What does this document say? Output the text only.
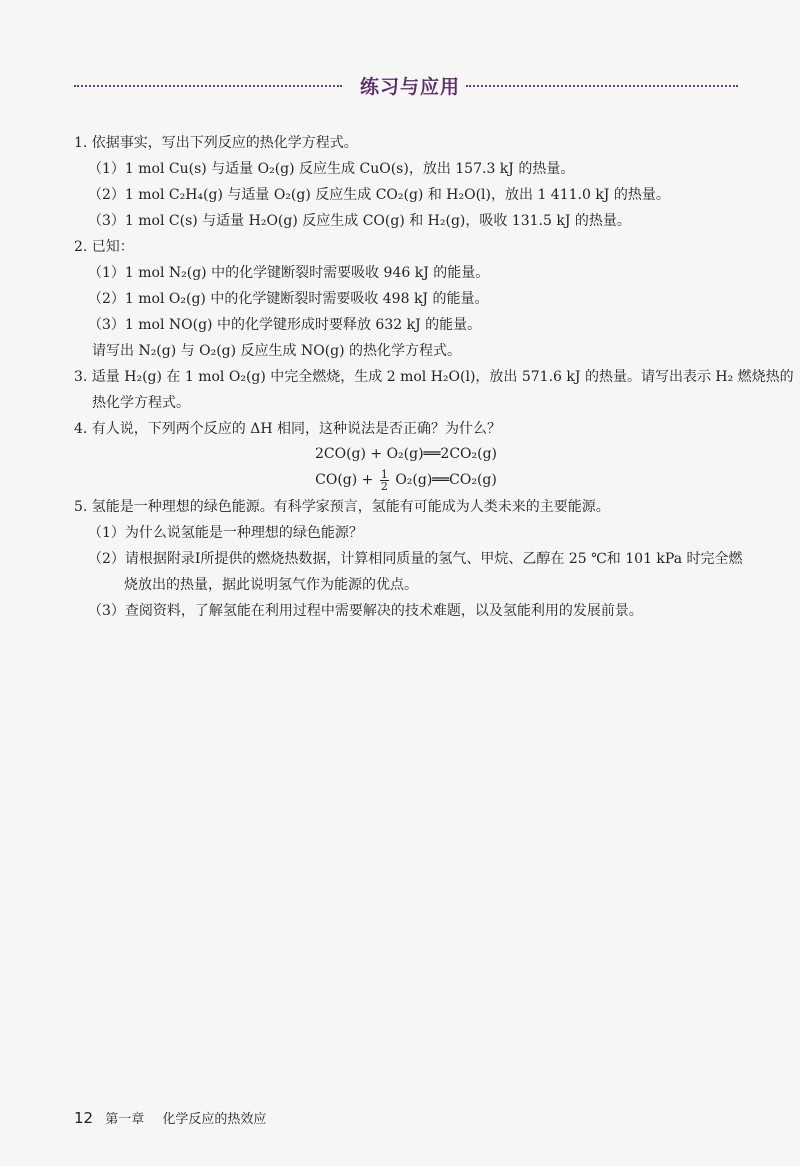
练习与应用
1. 依据事实，写出下列反应的热化学方程式。
（1）1 mol Cu(s) 与适量 O₂(g) 反应生成 CuO(s)，放出 157.3 kJ 的热量。
（2）1 mol C₂H₄(g) 与适量 O₂(g) 反应生成 CO₂(g) 和 H₂O(l)，放出 1 411.0 kJ 的热量。
（3）1 mol C(s) 与适量 H₂O(g) 反应生成 CO(g) 和 H₂(g)，吸收 131.5 kJ 的热量。
2. 已知：
（1）1 mol N₂(g) 中的化学键断裂时需要吸收 946 kJ 的能量。
（2）1 mol O₂(g) 中的化学键断裂时需要吸收 498 kJ 的能量。
（3）1 mol NO(g) 中的化学键形成时要释放 632 kJ 的能量。
请写出 N₂(g) 与 O₂(g) 反应生成 NO(g) 的热化学方程式。
3. 适量 H₂(g) 在 1 mol O₂(g) 中完全燃烧，生成 2 mol H₂O(l)，放出 571.6 kJ 的热量。请写出表示 H₂ 燃烧热的
热化学方程式。
4. 有人说，下列两个反应的 ΔH 相同，这种说法是否正确？为什么？
2CO(g) + O₂(g)══2CO₂(g)
$CO(g) + \frac{1}{2}$ O₂(g)══CO₂(g)
5. 氢能是一种理想的绿色能源。有科学家预言，氢能有可能成为人类未来的主要能源。
（1）为什么说氢能是一种理想的绿色能源？
（2）请根据附录Ⅰ所提供的燃烧热数据，计算相同质量的氢气、甲烷、乙醇在 25 ℃和 101 kPa 时完全燃
烧放出的热量，据此说明氢气作为能源的优点。
（3）查阅资料，了解氢能在利用过程中需要解决的技术难题，以及氢能利用的发展前景。
12 第一章 化学反应的热效应
